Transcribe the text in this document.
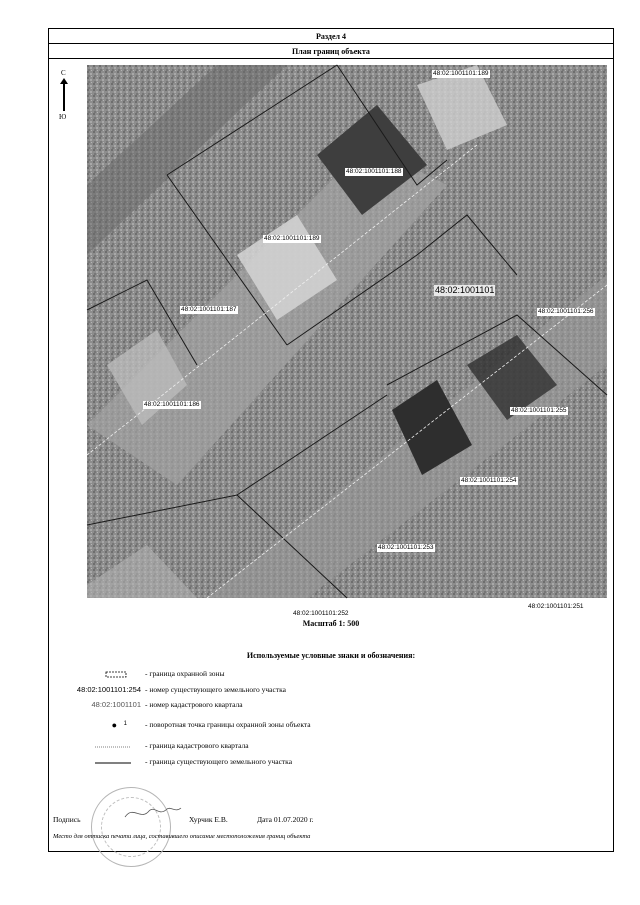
Раздел 4
План границ объекта
С
Ю
48:02:1001101:189
48:02:1001101:188
48:02:1001101:189
48:02:1001101:187
48:02:1001101
48:02:1001101:256
48:02:1001101:186
48:02:1001101:255
48:02:1001101:254
48:02:1001101:253
48:02:1001101:252
48:02:1001101:251
Масштаб 1: 500
Используемые условные знаки и обозначения:
- граница охранной зоны
48:02:1001101:254 - номер существующего земельного участка
48:02:1001101 - номер кадастрового квартала
● 1 - поворотная точка границы охранной зоны объекта
- граница кадастрового квартала
- граница существующего земельного участка
Подпись	Хурчик Е.В.	Дата 01.07.2020 г.
Место для оттиска печати лица, составившего описание местоположения границ объекта
